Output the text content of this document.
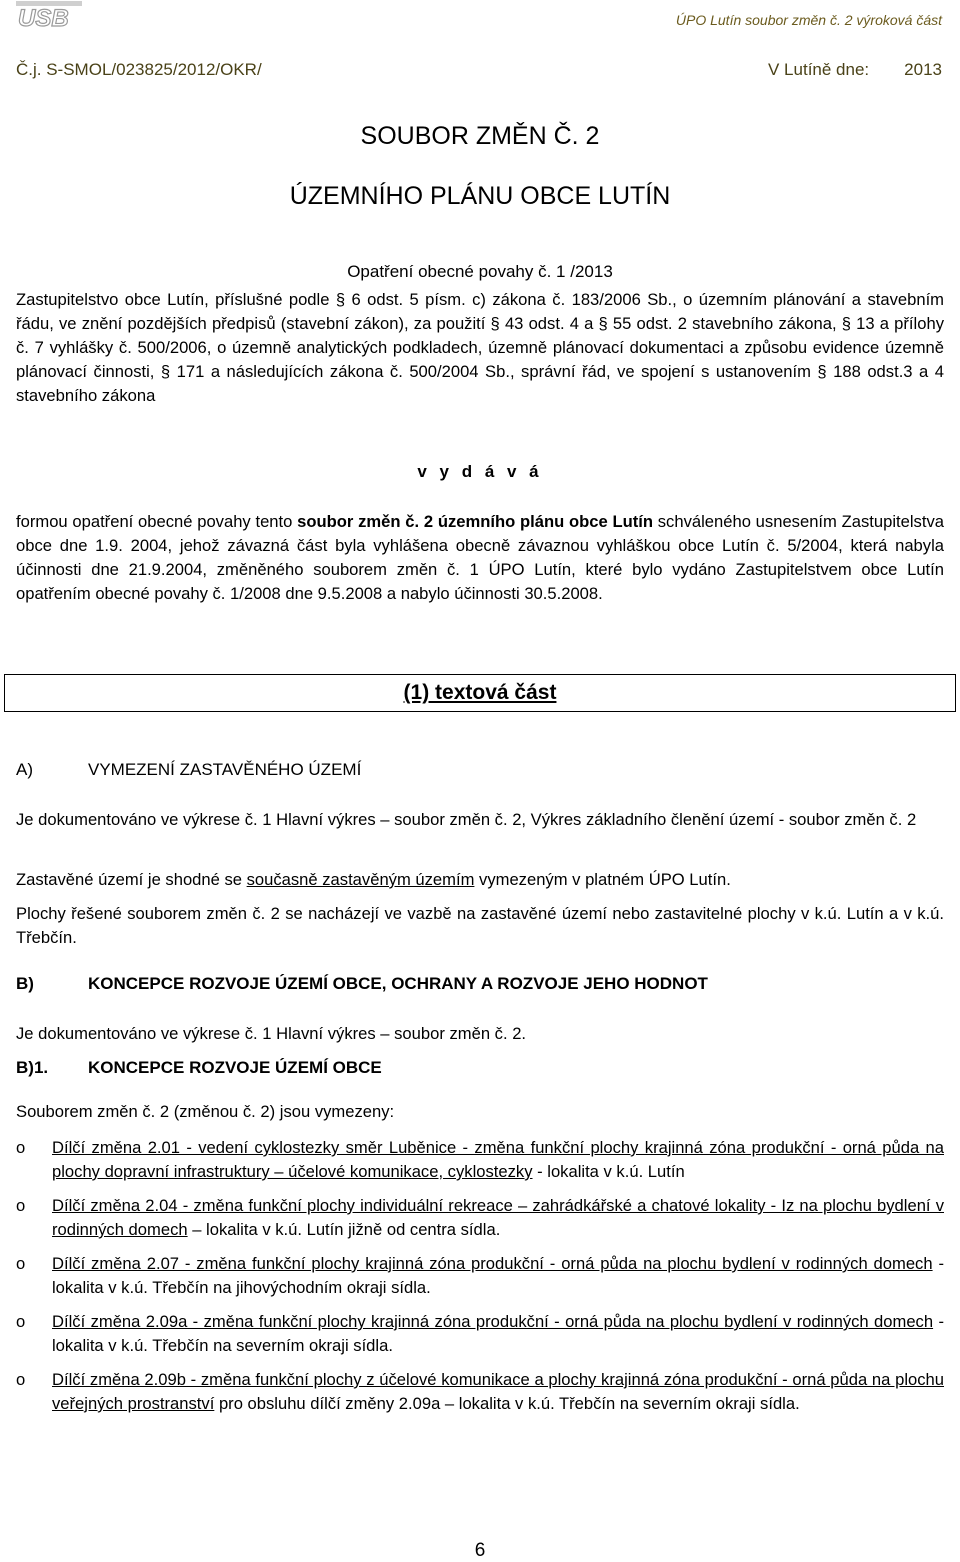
USB	ÚPO Lutín soubor změn č. 2 výroková část
Č.j. S-SMOL/023825/2012/OKR/	V Lutíně dne: 2013
SOUBOR ZMĚN Č. 2
ÚZEMNÍHO PLÁNU OBCE LUTÍN
Opatření obecné povahy č. 1 /2013
Zastupitelstvo obce Lutín, příslušné podle § 6 odst. 5 písm. c) zákona č. 183/2006 Sb., o územním plánování a stavebním řádu, ve znění pozdějších předpisů (stavební zákon), za použití § 43 odst. 4 a § 55 odst. 2 stavebního zákona, § 13 a přílohy č. 7 vyhlášky č. 500/2006, o územně analytických podkladech, územně plánovací dokumentaci a způsobu evidence územně plánovací činnosti, § 171 a následujících zákona č. 500/2004 Sb., správní řád, ve spojení s ustanovením § 188 odst.3 a 4 stavebního zákona
v y d á v á
formou opatření obecné povahy tento soubor změn č. 2 územního plánu obce Lutín schváleného usnesením Zastupitelstva obce dne 1.9. 2004, jehož závazná část byla vyhlášena obecně závaznou vyhláškou obce Lutín č. 5/2004, která nabyla účinnosti dne 21.9.2004, změněného souborem změn č. 1 ÚPO Lutín, které bylo vydáno Zastupitelstvem obce Lutín opatřením obecné povahy č. 1/2008 dne 9.5.2008 a nabylo účinnosti 30.5.2008.
(1) textová část
A)	VYMEZENÍ ZASTAVĚNÉHO ÚZEMÍ
Je dokumentováno ve výkrese č. 1 Hlavní výkres – soubor změn č. 2, Výkres základního členění území - soubor změn č. 2
Zastavěné území je shodné se současně zastavěným územím vymezeným v platném ÚPO Lutín.
Plochy řešené souborem změn č. 2 se nacházejí ve vazbě na zastavěné území nebo zastavitelné plochy v k.ú. Lutín a v k.ú. Třebčín.
B)	KONCEPCE ROZVOJE ÚZEMÍ OBCE, OCHRANY A ROZVOJE JEHO HODNOT
Je dokumentováno ve výkrese č. 1 Hlavní výkres – soubor změn č. 2.
B)1. KONCEPCE ROZVOJE ÚZEMÍ OBCE
Souborem změn č. 2 (změnou č. 2) jsou vymezeny:
o Dílčí změna 2.01 - vedení cyklostezky směr Luběnice - změna funkční plochy krajinná zóna produkční - orná půda na plochy dopravní infrastruktury – účelové komunikace, cyklostezky - lokalita v k.ú. Lutín
o Dílčí změna 2.04 - změna funkční plochy individuální rekreace – zahrádkářské a chatové lokality - Iz na plochu bydlení v rodinných domech – lokalita v k.ú. Lutín jižně od centra sídla.
o Dílčí změna 2.07 - změna funkční plochy krajinná zóna produkční - orná půda na plochu bydlení v rodinných domech - lokalita v k.ú. Třebčín na jihovýchodním okraji sídla.
o Dílčí změna 2.09a - změna funkční plochy krajinná zóna produkční - orná půda na plochu bydlení v rodinných domech - lokalita v k.ú. Třebčín na severním okraji sídla.
o Dílčí změna 2.09b - změna funkční plochy z účelové komunikace a plochy krajinná zóna produkční - orná půda na plochu veřejných prostranství pro obsluhu dílčí změny 2.09a – lokalita v k.ú. Třebčín na severním okraji sídla.
6
